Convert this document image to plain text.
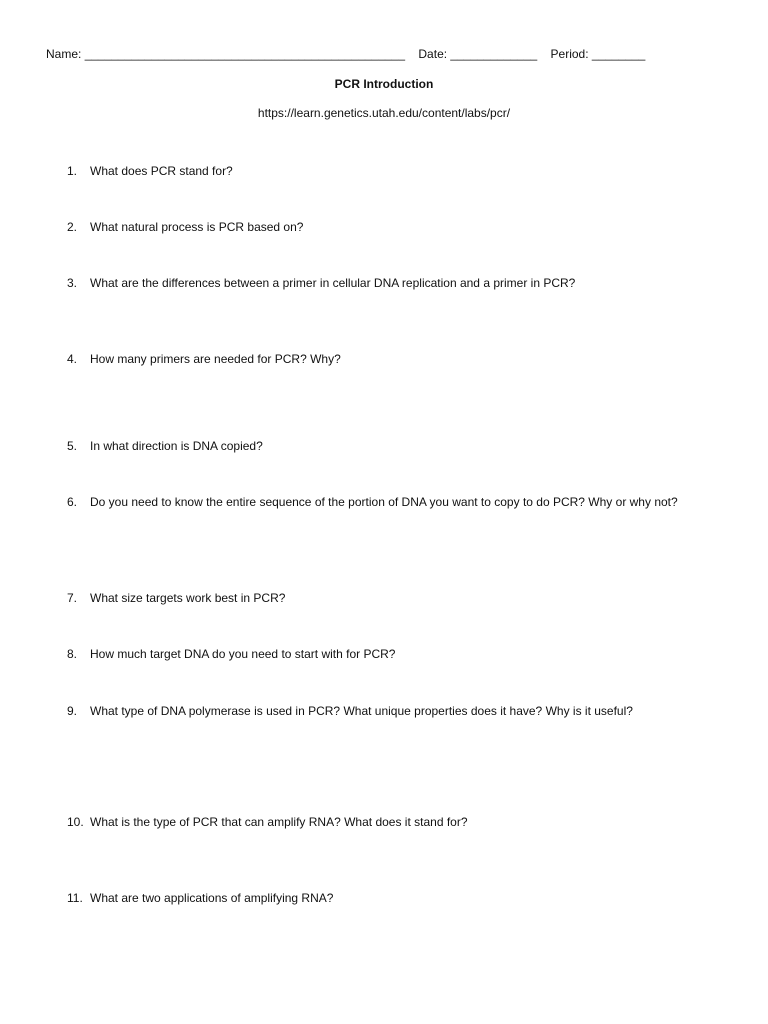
Name: ________________________________________________ Date: _____________ Period: ________
PCR Introduction
https://learn.genetics.utah.edu/content/labs/pcr/
1. What does PCR stand for?
2. What natural process is PCR based on?
3. What are the differences between a primer in cellular DNA replication and a primer in PCR?
4. How many primers are needed for PCR? Why?
5. In what direction is DNA copied?
6. Do you need to know the entire sequence of the portion of DNA you want to copy to do PCR? Why or why not?
7. What size targets work best in PCR?
8. How much target DNA do you need to start with for PCR?
9. What type of DNA polymerase is used in PCR? What unique properties does it have? Why is it useful?
10. What is the type of PCR that can amplify RNA? What does it stand for?
11. What are two applications of amplifying RNA?
